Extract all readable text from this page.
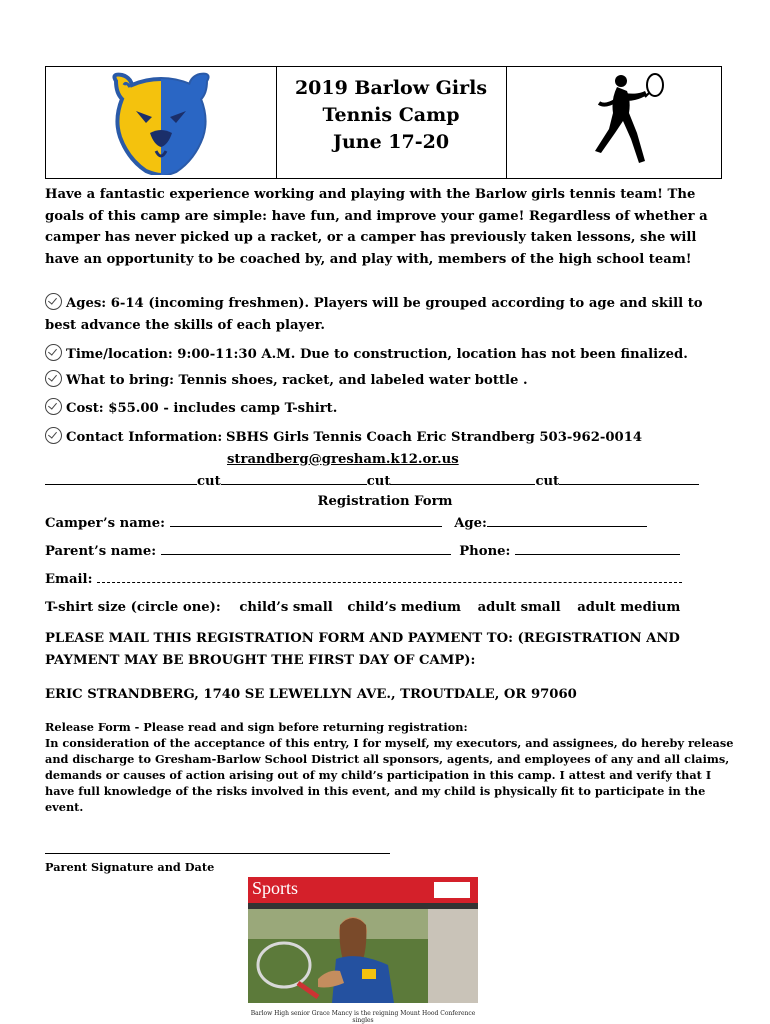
2019 Barlow Girls
Tennis Camp
June 17-20
Have a fantastic experience working and playing with the Barlow girls tennis team! The goals of this camp are simple: have fun, and improve your game! Regardless of whether a camper has never picked up a racket, or a camper has previously taken lessons, she will have an opportunity to be coached by, and play with, members of the high school team!
Ages: 6-14 (incoming freshmen). Players will be grouped according to age and skill to best advance the skills of each player.
Time/location: 9:00-11:30 A.M. Due to construction, location has not been finalized.
What to bring: Tennis shoes, racket, and labeled water bottle .
Cost: $55.00 - includes camp T-shirt.
Contact Information: SBHS Girls Tennis Coach Eric Strandberg 503-962-0014
strandberg@gresham.k12.or.us
cut	cut	cut
Registration Form
Camper’s name:	Age:
Parent’s name:	Phone:
Email:
T-shirt size (circle one): child’s small child’s medium adult small adult medium
PLEASE MAIL THIS REGISTRATION FORM AND PAYMENT TO: (REGISTRATION AND PAYMENT MAY BE BROUGHT THE FIRST DAY OF CAMP):
ERIC STRANDBERG, 1740 SE LEWELLYN AVE., TROUTDALE, OR 97060
Release Form - Please read and sign before returning registration:
In consideration of the acceptance of this entry, I for myself, my executors, and assignees, do hereby release and discharge to Gresham-Barlow School District all sponsors, agents, and employees of any and all claims, demands or causes of action arising out of my child’s participation in this camp. I attest and verify that I have full knowledge of the risks involved in this event, and my child is physically fit to participate in the event.
Parent Signature and Date
Sports
Barlow High senior Grace Mancy is the reigning Mount Hood Conference singles
